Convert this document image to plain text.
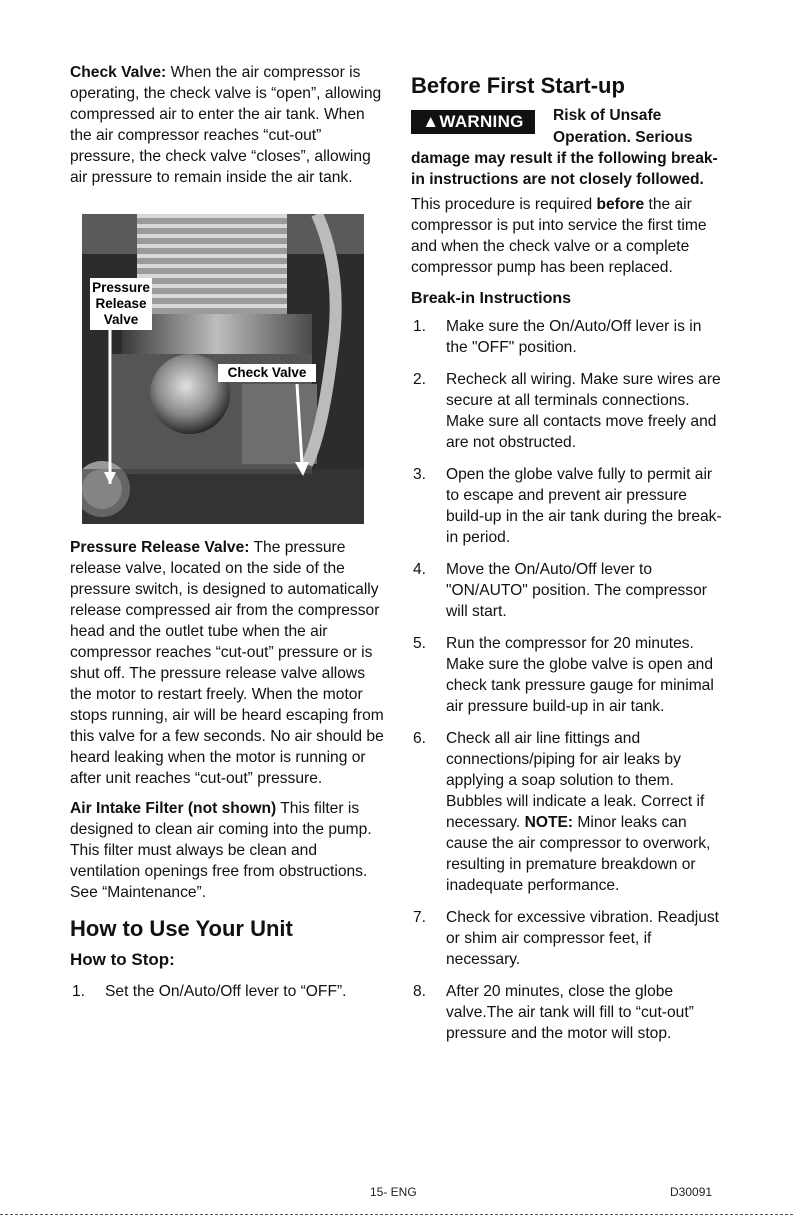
Check Valve: When the air compressor is operating, the check valve is “open”, allowing compressed air to enter the air tank. When the air compressor reaches “cut-out” pressure, the check valve “closes”, allowing air pressure to remain inside the air tank.

Pressure
Release
Valve
Check Valve

Pressure Release Valve: The pressure release valve, located on the side of the pressure switch, is designed to automatically release compressed air from the compressor head and the outlet tube when the air compressor reaches “cut-out” pressure or is shut off. The pressure release valve allows the motor to restart freely. When the motor stops running, air will be heard escaping from this valve for a few seconds. No air should be heard leaking when the motor is running or after unit reaches “cut-out” pressure.

Air Intake Filter (not shown) This filter is designed to clean air coming into the pump. This filter must always be clean and ventilation openings free from obstructions. See “Maintenance”.

How to Use Your Unit
How to Stop:
1. Set the On/Auto/Off lever to “OFF”.
Before First Start-up
▲WARNING	Risk of Unsafe

Operation. Serious damage may result if the following break-in instructions are not closely followed.

This procedure is required before the air compressor is put into service the first time and when the check valve or a complete compressor pump has been replaced.

Break-in Instructions
1. Make sure the On/Auto/Off lever is in the "OFF" position.
2. Recheck all wiring. Make sure wires are secure at all terminals connections. Make sure all contacts move freely and are not obstructed.
3. Open the globe valve fully to permit air to escape and prevent air pressure build-up in the air tank during the break-in period.
4. Move the On/Auto/Off lever to "ON/AUTO" position. The compressor will start.
5. Run the compressor for 20 minutes. Make sure the globe valve is open and check tank pressure gauge for minimal air pressure build-up in air tank.
6. Check all air line fittings and connections/piping for air leaks by applying a soap solution to them. Bubbles will indicate a leak. Correct if necessary. NOTE: Minor leaks can cause the air compressor to overwork, resulting in premature breakdown or inadequate performance.
7. Check for excessive vibration. Readjust or shim air compressor feet, if necessary.
8. After 20 minutes, close the globe valve.The air tank will fill to “cut-out” pressure and the motor will stop.
15- ENG	D30091
